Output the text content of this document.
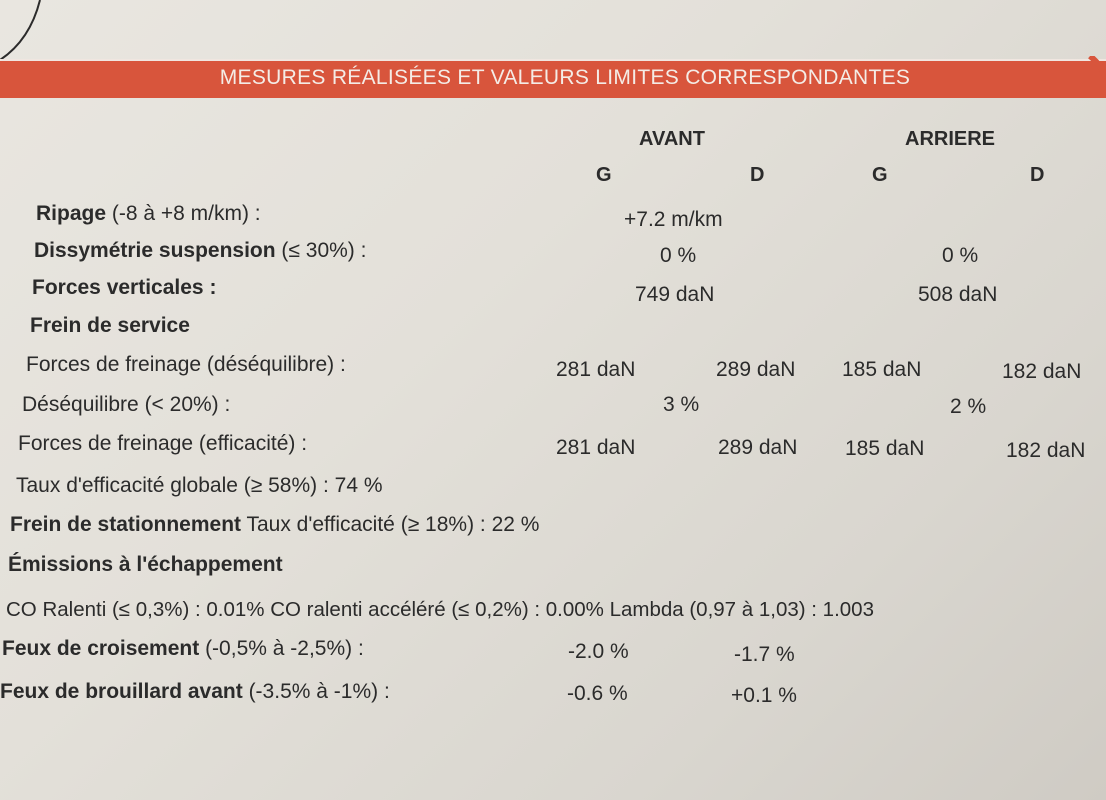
MESURES RÉALISÉES ET VALEURS LIMITES CORRESPONDANTES
AVANT	ARRIERE
G	D	G	D
Ripage (-8 à +8 m/km) :	+7.2 m/km
Dissymétrie suspension (≤ 30%) :	0 %	0 %
Forces verticales :	749 daN	508 daN
Frein de service
Forces de freinage (déséquilibre) :	281 daN	289 daN 185 daN	182 daN
Déséquilibre (< 20%) :	3 %	2 %
Forces de freinage (efficacité) :	281 daN	289 daN 185 daN	182 daN
Taux d'efficacité globale (≥ 58%) : 74 %
Frein de stationnement Taux d'efficacité (≥ 18%) : 22 %
Émissions à l'échappement
CO Ralenti (≤ 0,3%) : 0.01% CO ralenti accéléré (≤ 0,2%) : 0.00% Lambda (0,97 à 1,03) : 1.003
Feux de croisement (-0,5% à -2,5%) :	-2.0 %	-1.7 %
Feux de brouillard avant (-3.5% à -1%) :	-0.6 %	+0.1 %
